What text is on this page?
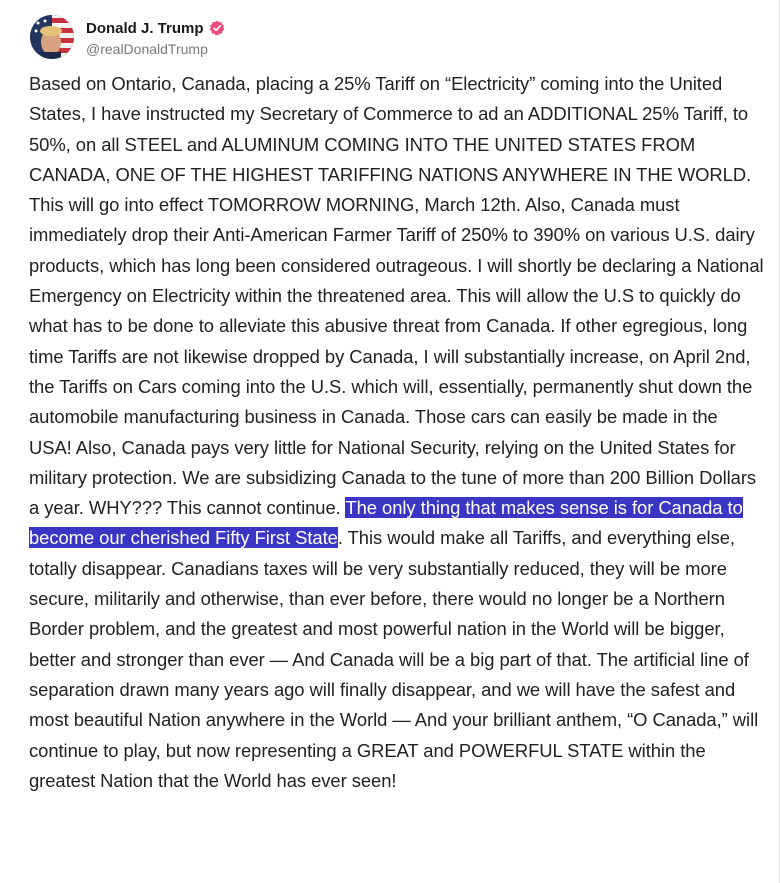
Donald J. Trump
@realDonaldTrump
Based on Ontario, Canada, placing a 25% Tariff on “Electricity” coming into the United States, I have instructed my Secretary of Commerce to ad an ADDITIONAL 25% Tariff, to 50%, on all STEEL and ALUMINUM COMING INTO THE UNITED STATES FROM CANADA, ONE OF THE HIGHEST TARIFFING NATIONS ANYWHERE IN THE WORLD. This will go into effect TOMORROW MORNING, March 12th. Also, Canada must immediately drop their Anti-American Farmer Tariff of 250% to 390% on various U.S. dairy products, which has long been considered outrageous. I will shortly be declaring a National Emergency on Electricity within the threatened area. This will allow the U.S to quickly do what has to be done to alleviate this abusive threat from Canada. If other egregious, long time Tariffs are not likewise dropped by Canada, I will substantially increase, on April 2nd, the Tariffs on Cars coming into the U.S. which will, essentially, permanently shut down the automobile manufacturing business in Canada. Those cars can easily be made in the USA! Also, Canada pays very little for National Security, relying on the United States for military protection. We are subsidizing Canada to the tune of more than 200 Billion Dollars a year. WHY??? This cannot continue. The only thing that makes sense is for Canada to become our cherished Fifty First State. This would make all Tariffs, and everything else, totally disappear. Canadians taxes will be very substantially reduced, they will be more secure, militarily and otherwise, than ever before, there would no longer be a Northern Border problem, and the greatest and most powerful nation in the World will be bigger, better and stronger than ever — And Canada will be a big part of that. The artificial line of separation drawn many years ago will finally disappear, and we will have the safest and most beautiful Nation anywhere in the World — And your brilliant anthem, “O Canada,” will continue to play, but now representing a GREAT and POWERFUL STATE within the greatest Nation that the World has ever seen!
